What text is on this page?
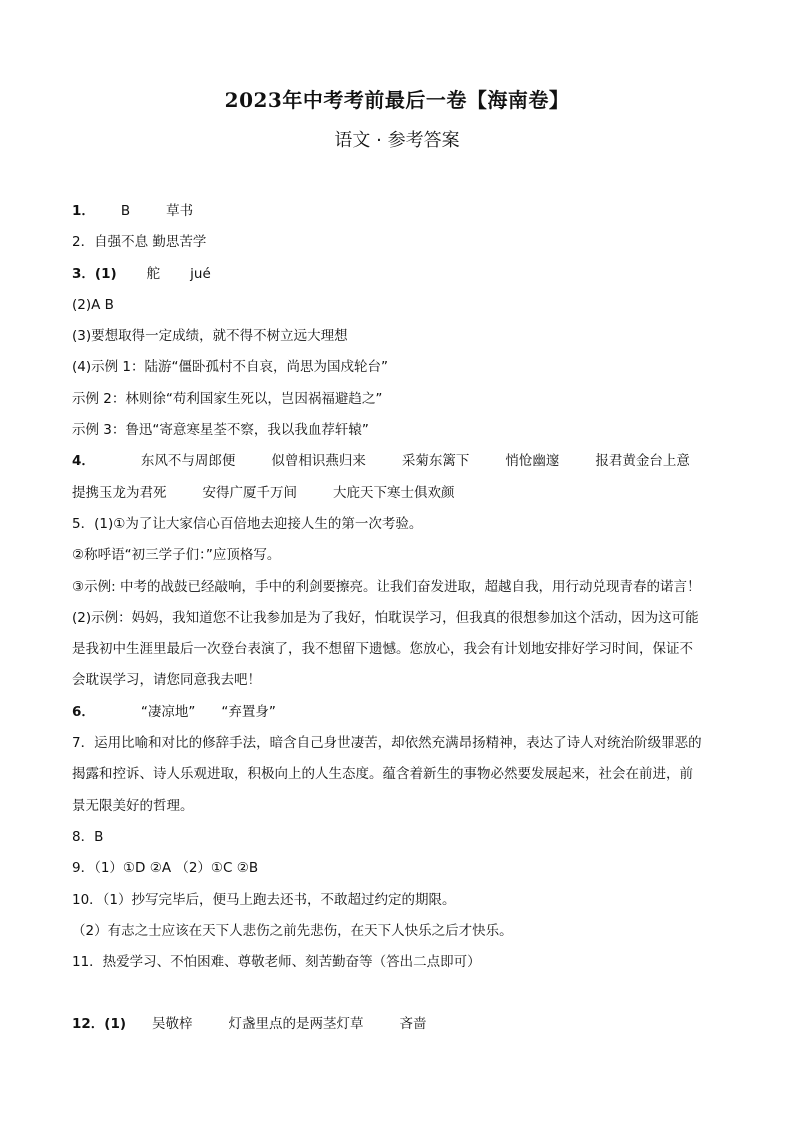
2023年中考考前最后一卷【海南卷】
语文 · 参考答案
1． B	草书
2．自强不息 勤思苦学
3．(1) 舵 jué
(2)A B
(3)要想取得一定成绩，就不得不树立远大理想
(4)示例 1：陆游“僵卧孤村不自哀，尚思为国戍轮台”
示例 2：林则徐“苟利国家生死以，岂因祸福避趋之”
示例 3：鲁迅“寄意寒星荃不察，我以我血荐轩辕”
4．	东风不与周郎便	似曾相识燕归来	采菊东篱下	悄怆幽邃	报君黄金台上意
提携玉龙为君死	安得广厦千万间	大庇天下寒士俱欢颜
5．(1)①为了让大家信心百倍地去迎接人生的第一次考验。
②称呼语“初三学子们：”应顶格写。
③示例: 中考的战鼓已经敲响，手中的利剑要擦亮。让我们奋发进取，超越自我，用行动兑现青春的诺言！
(2)示例：妈妈，我知道您不让我参加是为了我好，怕耽误学习，但我真的很想参加这个活动，因为这可能
是我初中生涯里最后一次登台表演了，我不想留下遗憾。您放心，我会有计划地安排好学习时间，保证不
会耽误学习，请您同意我去吧！
6．	“凄凉地” “弃置身”
7．运用比喻和对比的修辞手法，暗含自己身世凄苦，却依然充满昂扬精神，表达了诗人对统治阶级罪恶的
揭露和控诉、诗人乐观进取，积极向上的人生态度。蕴含着新生的事物必然要发展起来，社会在前进，前
景无限美好的哲理。
8．B
9．（1）①D ②A （2）①C ②B
10．（1）抄写完毕后，便马上跑去还书，不敢超过约定的期限。
（2）有志之士应该在天下人悲伤之前先悲伤，在天下人快乐之后才快乐。
11．热爱学习、不怕困难、尊敬老师、刻苦勤奋等（答出二点即可）
12．(1) 吴敬梓	灯盏里点的是两茎灯草	吝啬
